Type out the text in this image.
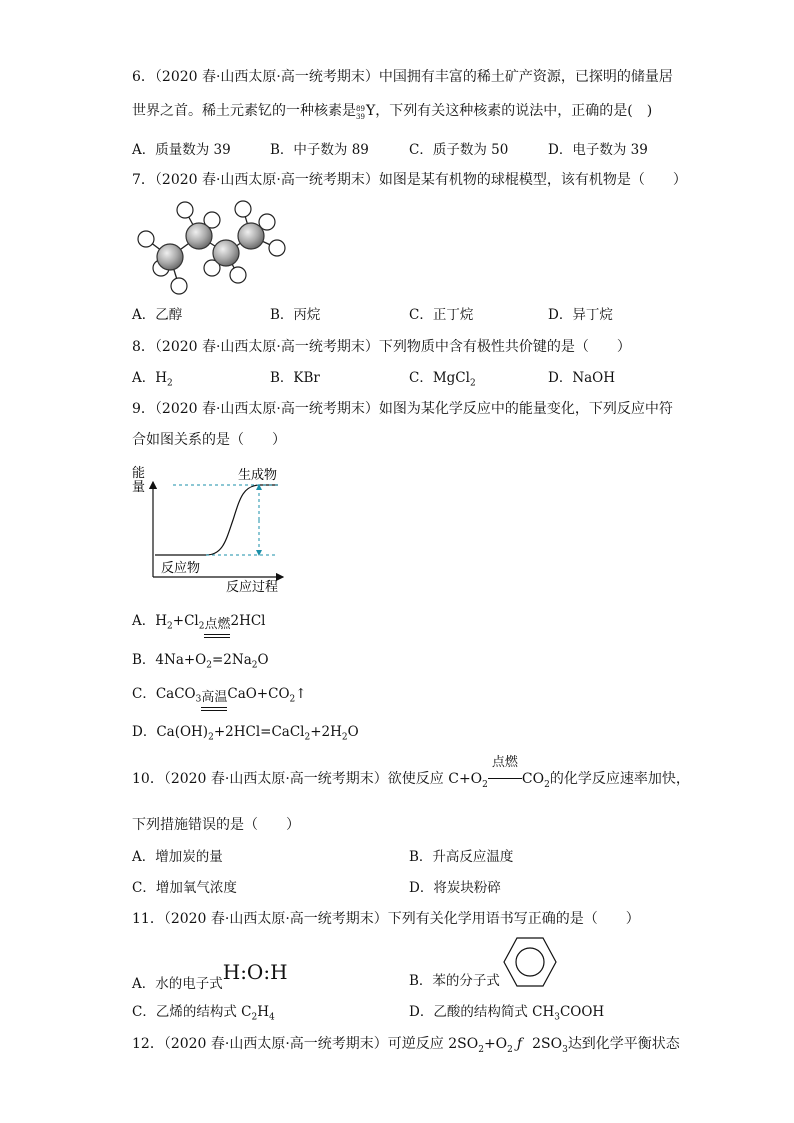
6．（2020 春·山西太原·高一统考期末）中国拥有丰富的稀土矿产资源，已探明的储量居
世界之首。稀土元素钇的一种核素是 89
39 Y，下列有关这种核素的说法中，正确的是(　)
A．质量数为 39	B．中子数为 89	C．质子数为 50	D．电子数为 39
7．（2020 春·山西太原·高一统考期末）如图是某有机物的球棍模型，该有机物是（　　）
A．乙醇	B．丙烷	C．正丁烷	D．异丁烷
8．（2020 春·山西太原·高一统考期末）下列物质中含有极性共价键的是（　　）
A．$H_2$	B．KBr	C．MgCl$_2$	D．NaOH
9．（2020 春·山西太原·高一统考期末）如图为某化学反应中的能量变化，下列反应中符
合如图关系的是（　　）
能
量
生成物
反应物
反应过程
A．$H_2+Cl_2$点燃
2HCl
B．$4Na+O_2=2Na_2O$
C．CaCO$_3$高温
$CaO+CO_2↑$
D．$Ca(OH)_2+2HCl=CaCl_2+2H_2O$
10．（2020 春·山西太原·高一统考期末）欲使反应 $C+O_2$
点燃
$CO_2$的化学反应速率加快，
下列措施错误的是（　　）
A．增加炭的量	B．升高反应温度
C．增加氧气浓度	D．将炭块粉碎
11．（2020 春·山西太原·高一统考期末）下列有关化学用语书写正确的是（　　）
A．水的电子式H:O:H	B．苯的分子式
C．乙烯的结构式 $C_2H_4$	D．乙酸的结构简式 $CH_3COOH$
12．（2020 春·山西太原·高一统考期末）可逆反应 $2SO_2+O_2$ ƒ $2SO_3$达到化学平衡状态
